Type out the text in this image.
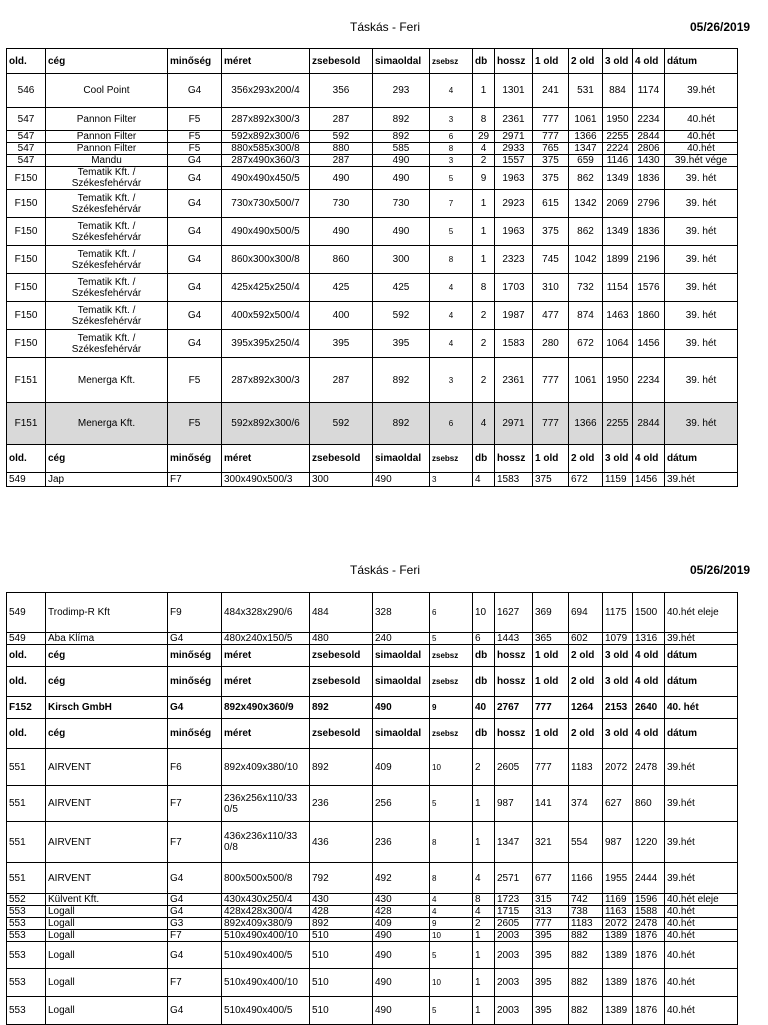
Táskás - Feri	05/26/2019
old.	cég	minőség	méret	zsebesold	simaoldal	zsebsz	db	hossz	1 old	2 old	3 old	4 old	dátum
546	Cool Point	G4	356x293x200/4	356	293	4	1	1301	241	531	884	1174	39.hét
547	Pannon Filter	F5	287x892x300/3	287	892	3	8	2361	777	1061	1950	2234	40.hét
547	Pannon Filter	F5	592x892x300/6	592	892	6	29	2971	777	1366	2255	2844	40.hét
547	Pannon Filter	F5	880x585x300/8	880	585	8	4	2933	765	1347	2224	2806	40.hét
547	Mandu	G4	287x490x360/3	287	490	3	2	1557	375	659	1146	1430	39.hét vége
F150	Tematik Kft. / Székesfehérvár	G4	490x490x450/5	490	490	5	9	1963	375	862	1349	1836	39. hét
F150	Tematik Kft. / Székesfehérvár	G4	730x730x500/7	730	730	7	1	2923	615	1342	2069	2796	39. hét
F150	Tematik Kft. / Székesfehérvár	G4	490x490x500/5	490	490	5	1	1963	375	862	1349	1836	39. hét
F150	Tematik Kft. / Székesfehérvár	G4	860x300x300/8	860	300	8	1	2323	745	1042	1899	2196	39. hét
F150	Tematik Kft. / Székesfehérvár	G4	425x425x250/4	425	425	4	8	1703	310	732	1154	1576	39. hét
F150	Tematik Kft. / Székesfehérvár	G4	400x592x500/4	400	592	4	2	1987	477	874	1463	1860	39. hét
F150	Tematik Kft. / Székesfehérvár	G4	395x395x250/4	395	395	4	2	1583	280	672	1064	1456	39. hét
F151	Menerga Kft.	F5	287x892x300/3	287	892	3	2	2361	777	1061	1950	2234	39. hét
F151	Menerga Kft.	F5	592x892x300/6	592	892	6	4	2971	777	1366	2255	2844	39. hét
old.	cég	minőség	méret	zsebesold	simaoldal	zsebsz	db	hossz	1 old	2 old	3 old	4 old	dátum
549	Jap	F7	300x490x500/3	300	490	3	4	1583	375	672	1159	1456	39.hét
Táskás - Feri	05/26/2019
549	Trodimp-R Kft	F9	484x328x290/6	484	328	6	10	1627	369	694	1175	1500	40.hét eleje
549	Aba Klíma	G4	480x240x150/5	480	240	5	6	1443	365	602	1079	1316	39.hét
old.	cég	minőség	méret	zsebesold	simaoldal	zsebsz	db	hossz	1 old	2 old	3 old	4 old	dátum
old.	cég	minőség	méret	zsebesold	simaoldal	zsebsz	db	hossz	1 old	2 old	3 old	4 old	dátum
F152	Kirsch GmbH	G4	892x490x360/9	892	490	9	40	2767	777	1264	2153	2640	40. hét
old.	cég	minőség	méret	zsebesold	simaoldal	zsebsz	db	hossz	1 old	2 old	3 old	4 old	dátum
551	AIRVENT	F6	892x409x380/10	892	409	10	2	2605	777	1183	2072	2478	39.hét
551	AIRVENT	F7	236x256x110/33 0/5	236	256	5	1	987	141	374	627	860	39.hét
551	AIRVENT	F7	436x236x110/33 0/8	436	236	8	1	1347	321	554	987	1220	39.hét
551	AIRVENT	G4	800x500x500/8	792	492	8	4	2571	677	1166	1955	2444	39.hét
552	Külvent Kft.	G4	430x430x250/4	430	430	4	8	1723	315	742	1169	1596	40.hét eleje
553	Logall	G4	428x428x300/4	428	428	4	4	1715	313	738	1163	1588	40.hét
553	Logall	G3	892x409x380/9	892	409	9	2	2605	777	1183	2072	2478	40.hét
553	Logall	F7	510x490x400/10	510	490	10	1	2003	395	882	1389	1876	40.hét
553	Logall	G4	510x490x400/5	510	490	5	1	2003	395	882	1389	1876	40.hét
553	Logall	F7	510x490x400/10	510	490	10	1	2003	395	882	1389	1876	40.hét
553	Logall	G4	510x490x400/5	510	490	5	1	2003	395	882	1389	1876	40.hét
